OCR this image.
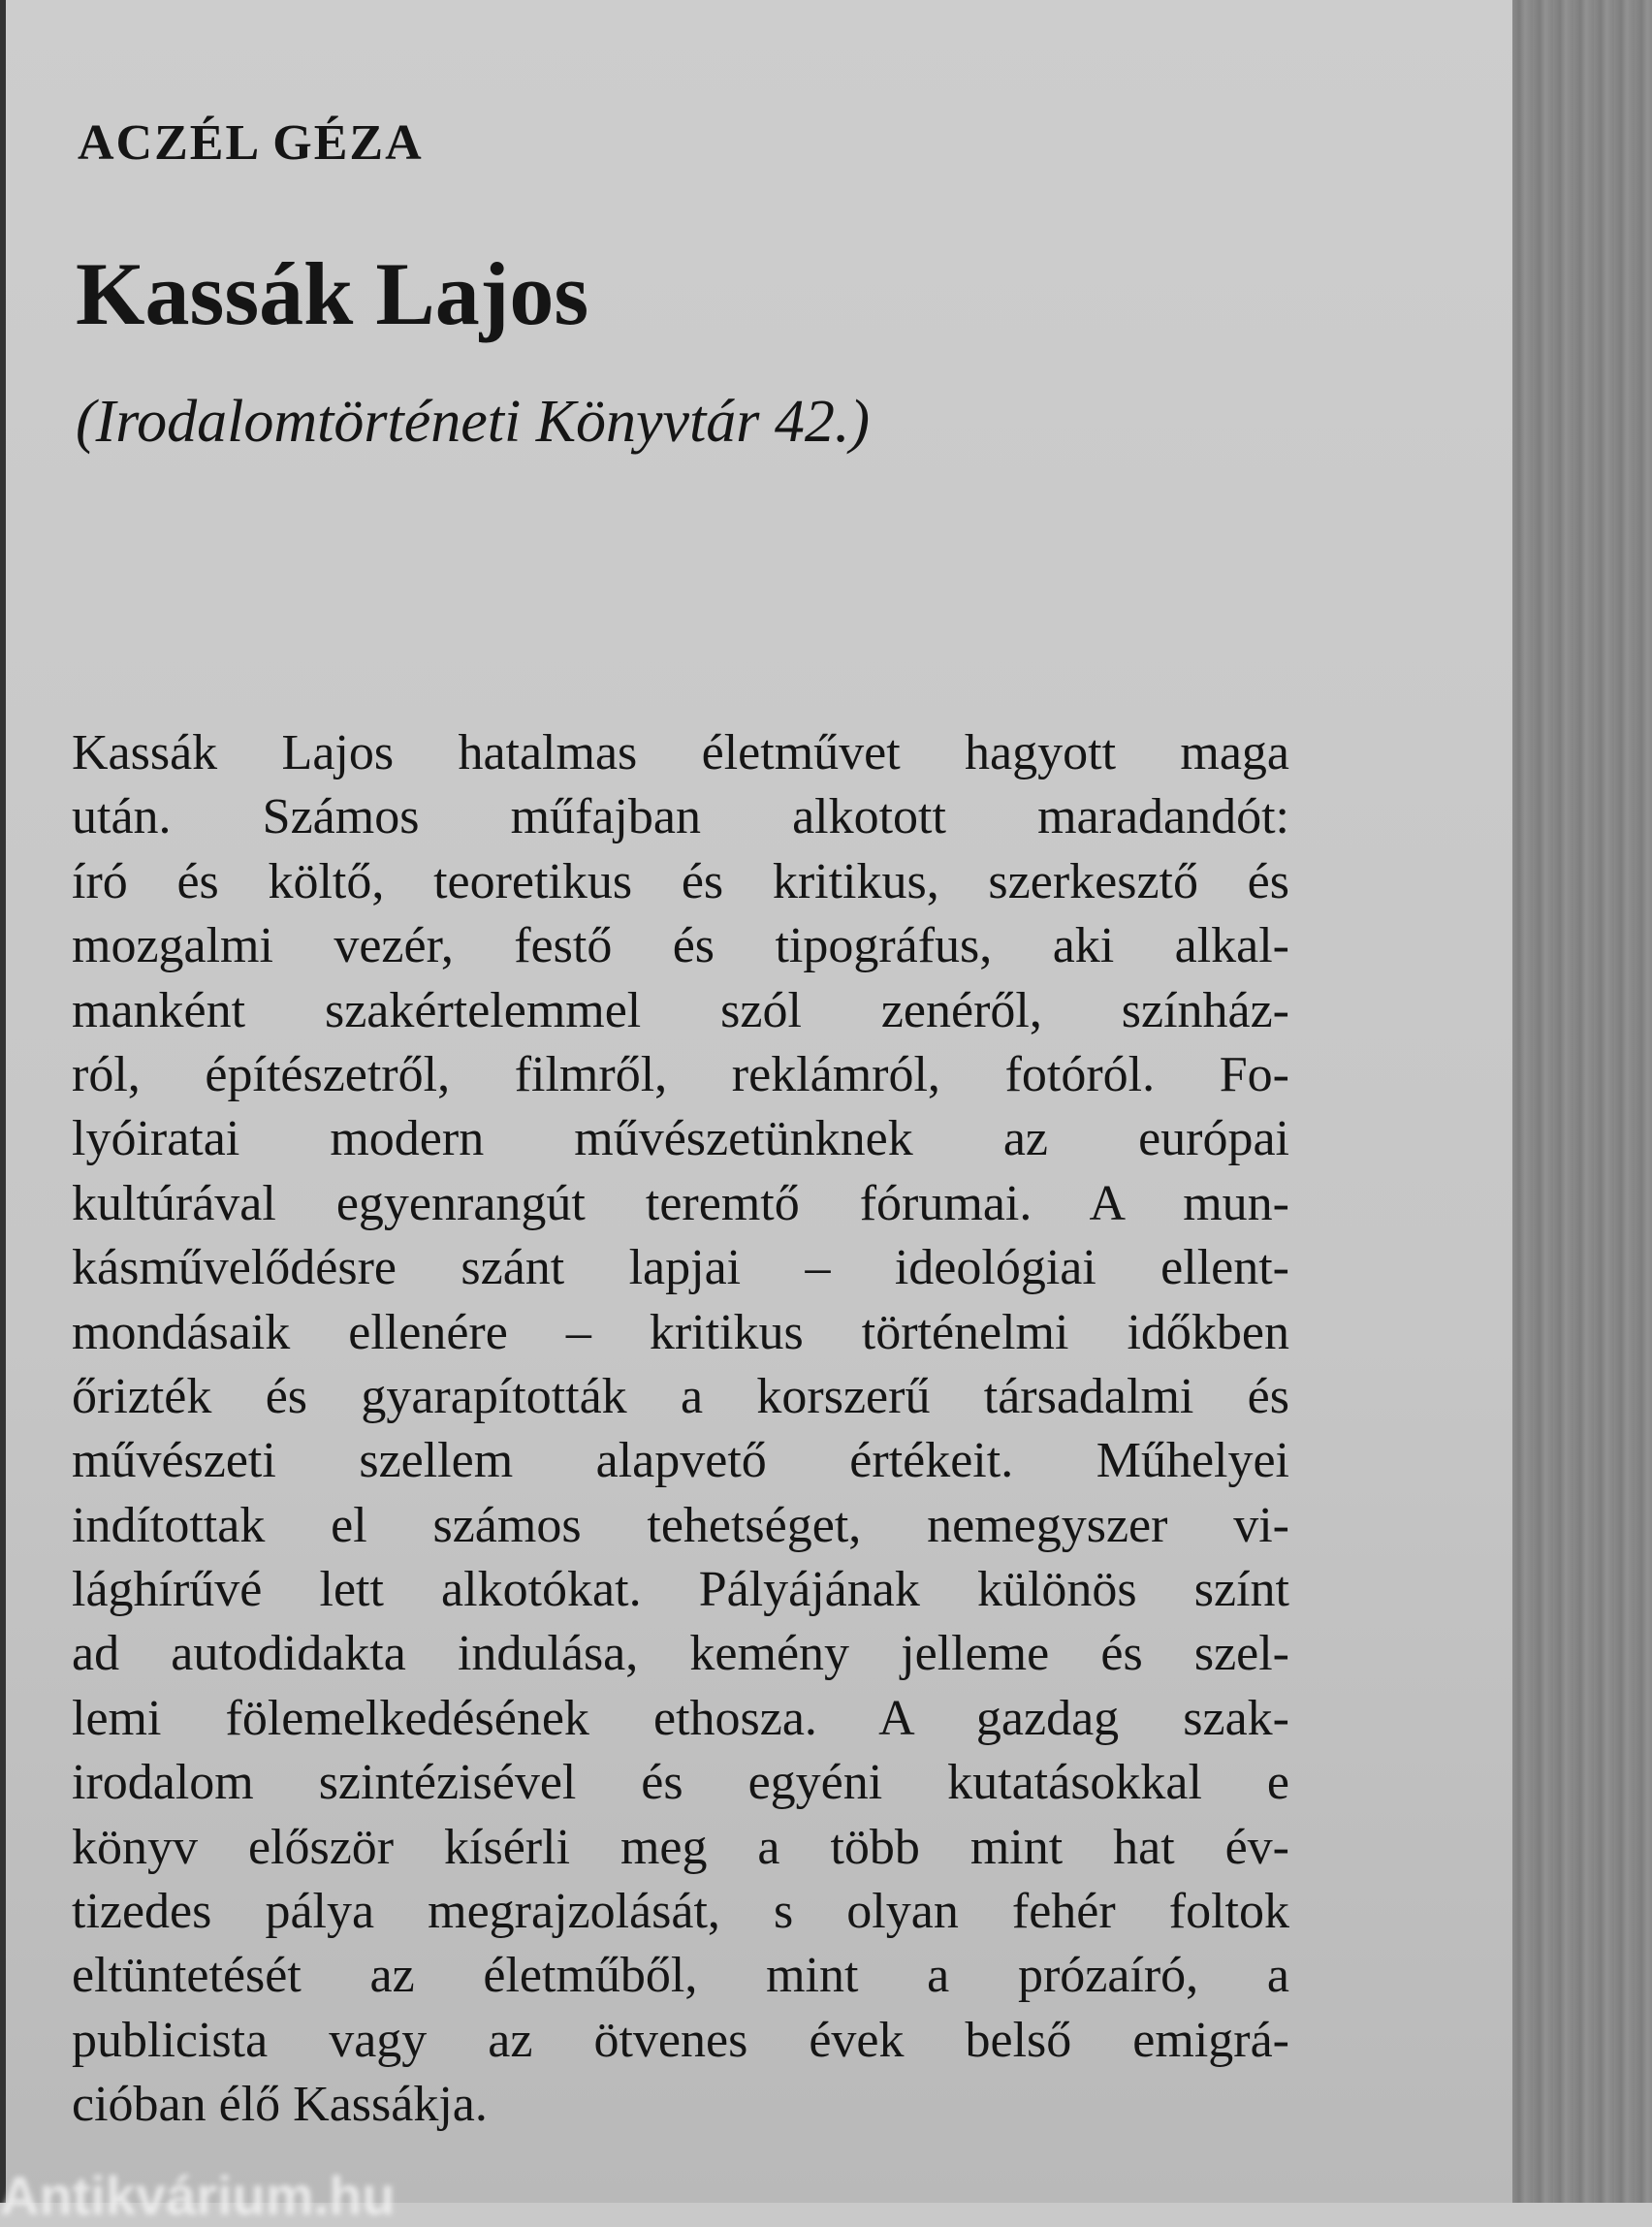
ACZÉL GÉZA
Kassák Lajos
(Irodalomtörténeti Könyvtár 42.)
Kassák Lajos hatalmas életművet hagyott maga
után. Számos műfajban alkotott maradandót:
író és költő, teoretikus és kritikus, szerkesztő és
mozgalmi vezér, festő és tipográfus, aki alkal-
manként szakértelemmel szól zenéről, színház-
ról, építészetről, filmről, reklámról, fotóról. Fo-
lyóiratai modern művészetünknek az európai
kultúrával egyenrangút teremtő fórumai. A mun-
kásművelődésre szánt lapjai – ideológiai ellent-
mondásaik ellenére – kritikus történelmi időkben
őrizték és gyarapították a korszerű társadalmi és
művészeti szellem alapvető értékeit. Műhelyei
indítottak el számos tehetséget, nemegyszer vi-
lághírűvé lett alkotókat. Pályájának különös színt
ad autodidakta indulása, kemény jelleme és szel-
lemi fölemelkedésének ethosza. A gazdag szak-
irodalom szintézisével és egyéni kutatásokkal e
könyv először kísérli meg a több mint hat év-
tizedes pálya megrajzolását, s olyan fehér foltok
eltüntetését az életműből, mint a prózaíró, a
publicista vagy az ötvenes évek belső emigrá-
cióban élő Kassákja.
Antikvárium.hu
